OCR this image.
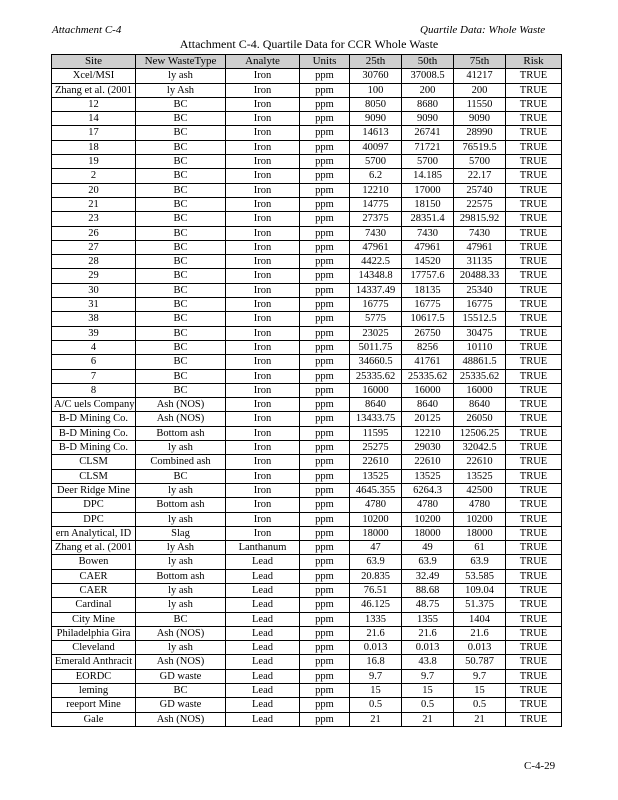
Attachment C-4	Quartile Data: Whole Waste
Attachment C-4. Quartile Data for CCR Whole Waste
Site	New WasteType	Analyte	Units	25th	50th	75th	Risk
Xcel/MSI	ly ash	Iron	ppm	30760	37008.5	41217	TRUE
Zhang et al. (2001	ly Ash	Iron	ppm	100	200	200	TRUE
12	BC	Iron	ppm	8050	8680	11550	TRUE
14	BC	Iron	ppm	9090	9090	9090	TRUE
17	BC	Iron	ppm	14613	26741	28990	TRUE
18	BC	Iron	ppm	40097	71721	76519.5	TRUE
19	BC	Iron	ppm	5700	5700	5700	TRUE
2	BC	Iron	ppm	6.2	14.185	22.17	TRUE
20	BC	Iron	ppm	12210	17000	25740	TRUE
21	BC	Iron	ppm	14775	18150	22575	TRUE
23	BC	Iron	ppm	27375	28351.4	29815.92	TRUE
26	BC	Iron	ppm	7430	7430	7430	TRUE
27	BC	Iron	ppm	47961	47961	47961	TRUE
28	BC	Iron	ppm	4422.5	14520	31135	TRUE
29	BC	Iron	ppm	14348.8	17757.6	20488.33	TRUE
30	BC	Iron	ppm	14337.49	18135	25340	TRUE
31	BC	Iron	ppm	16775	16775	16775	TRUE
38	BC	Iron	ppm	5775	10617.5	15512.5	TRUE
39	BC	Iron	ppm	23025	26750	30475	TRUE
4	BC	Iron	ppm	5011.75	8256	10110	TRUE
6	BC	Iron	ppm	34660.5	41761	48861.5	TRUE
7	BC	Iron	ppm	25335.62	25335.62	25335.62	TRUE
8	BC	Iron	ppm	16000	16000	16000	TRUE
A/C uels Company	Ash (NOS)	Iron	ppm	8640	8640	8640	TRUE
B-D Mining Co.	Ash (NOS)	Iron	ppm	13433.75	20125	26050	TRUE
B-D Mining Co.	Bottom ash	Iron	ppm	11595	12210	12506.25	TRUE
B-D Mining Co.	ly ash	Iron	ppm	25275	29030	32042.5	TRUE
CLSM	Combined ash	Iron	ppm	22610	22610	22610	TRUE
CLSM	BC	Iron	ppm	13525	13525	13525	TRUE
Deer Ridge Mine	ly ash	Iron	ppm	4645.355	6264.3	42500	TRUE
DPC	Bottom ash	Iron	ppm	4780	4780	4780	TRUE
DPC	ly ash	Iron	ppm	10200	10200	10200	TRUE
ern Analytical, ID	Slag	Iron	ppm	18000	18000	18000	TRUE
Zhang et al. (2001	ly Ash	Lanthanum	ppm	47	49	61	TRUE
Bowen	ly ash	Lead	ppm	63.9	63.9	63.9	TRUE
CAER	Bottom ash	Lead	ppm	20.835	32.49	53.585	TRUE
CAER	ly ash	Lead	ppm	76.51	88.68	109.04	TRUE
Cardinal	ly ash	Lead	ppm	46.125	48.75	51.375	TRUE
City Mine	BC	Lead	ppm	1335	1355	1404	TRUE
Philadelphia Gira	Ash (NOS)	Lead	ppm	21.6	21.6	21.6	TRUE
Cleveland	ly ash	Lead	ppm	0.013	0.013	0.013	TRUE
Emerald Anthracit	Ash (NOS)	Lead	ppm	16.8	43.8	50.787	TRUE
EORDC	GD waste	Lead	ppm	9.7	9.7	9.7	TRUE
leming	BC	Lead	ppm	15	15	15	TRUE
reeport Mine	GD waste	Lead	ppm	0.5	0.5	0.5	TRUE
Gale	Ash (NOS)	Lead	ppm	21	21	21	TRUE
C-4-29
